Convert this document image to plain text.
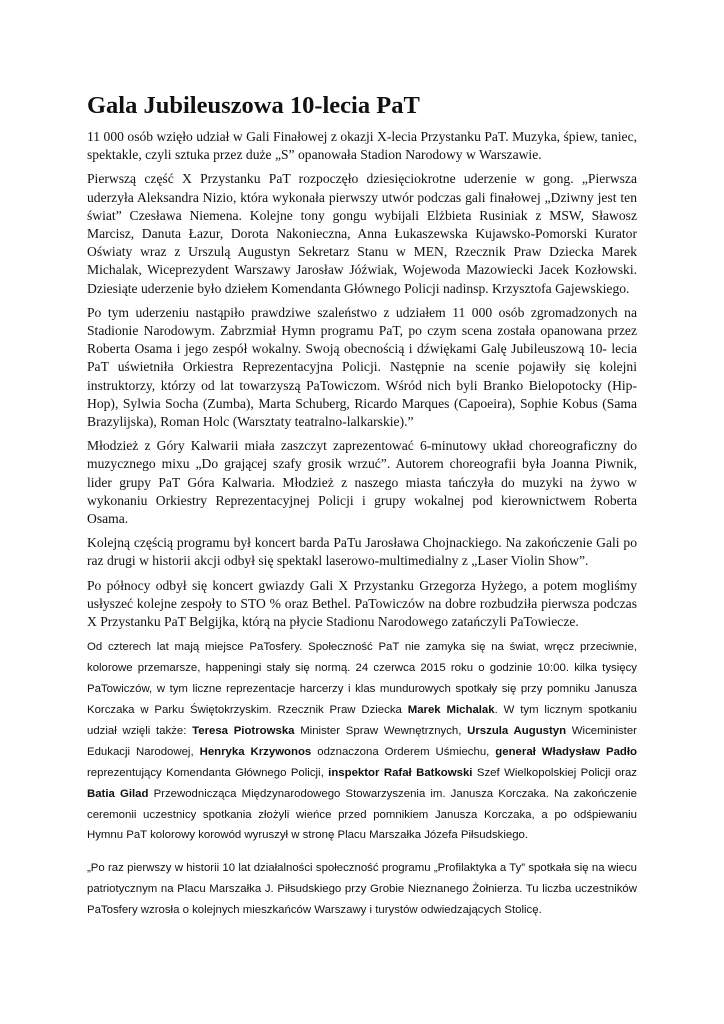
Gala Jubileuszowa 10-lecia PaT

11 000 osób wzięło udział w Gali Finałowej z okazji X-lecia Przystanku PaT. Muzyka, śpiew, taniec, spektakle, czyli sztuka przez duże „S” opanowała Stadion Narodowy w Warszawie.

Pierwszą część X Przystanku PaT rozpoczęło dziesięciokrotne uderzenie w gong. „Pierwsza uderzyła Aleksandra Nizio, która wykonała pierwszy utwór podczas gali finałowej „Dziwny jest ten świat” Czesława Niemena. Kolejne tony gongu wybijali Elżbieta Rusiniak z MSW, Sławosz Marcisz, Danuta Łazur, Dorota Nakonieczna, Anna Łukaszewska Kujawsko-Pomorski Kurator Oświaty wraz z Urszulą Augustyn Sekretarz Stanu w MEN, Rzecznik Praw Dziecka Marek Michalak, Wiceprezydent Warszawy Jarosław Jóźwiak, Wojewoda Mazowiecki Jacek Kozłowski. Dziesiąte uderzenie było dziełem Komendanta Głównego Policji nadinsp. Krzysztofa Gajewskiego.

Po tym uderzeniu nastąpiło prawdziwe szaleństwo z udziałem 11 000 osób zgromadzonych na Stadionie Narodowym. Zabrzmiał Hymn programu PaT, po czym scena została opanowana przez Roberta Osama i jego zespół wokalny. Swoją obecnością i dźwiękami Galę Jubileuszową 10- lecia PaT uświetniła Orkiestra Reprezentacyjna Policji. Następnie na scenie pojawiły się kolejni instruktorzy, którzy od lat towarzyszą PaTowiczom. Wśród nich byli Branko Bielopotocky (Hip-Hop), Sylwia Socha (Zumba), Marta Schuberg, Ricardo Marques (Capoeira), Sophie Kobus (Sama Brazylijska), Roman Holc (Warsztaty teatralno-lalkarskie).”

Młodzież z Góry Kalwarii miała zaszczyt zaprezentować 6-minutowy układ choreograficzny do muzycznego mixu „Do grającej szafy grosik wrzuć”. Autorem choreografii była Joanna Piwnik, lider grupy PaT Góra Kalwaria. Młodzież z naszego miasta tańczyła do muzyki na żywo w wykonaniu Orkiestry Reprezentacyjnej Policji i grupy wokalnej pod kierownictwem Roberta Osama.

Kolejną częścią programu był koncert barda PaTu Jarosława Chojnackiego. Na zakończenie Gali po raz drugi w historii akcji odbył się spektakl laserowo-multimedialny z „Laser Violin Show”.

Po północy odbył się koncert gwiazdy Gali X Przystanku Grzegorza Hyżego, a potem mogliśmy usłyszeć kolejne zespoły to STO % oraz Bethel. PaTowiczów na dobre rozbudziła pierwsza podczas X Przystanku PaT Belgijka, którą na płycie Stadionu Narodowego zatańczyli PaTowiecze.

Od czterech lat mają miejsce PaTosfery. Społeczność PaT nie zamyka się na świat, wręcz przeciwnie, kolorowe przemarsze, happeningi stały się normą. 24 czerwca 2015 roku o godzinie 10:00. kilka tysięcy PaTowiczów, w tym liczne reprezentacje harcerzy i klas mundurowych spotkały się przy pomniku Janusza Korczaka w Parku Świętokrzyskim. Rzecznik Praw Dziecka Marek Michalak. W tym licznym spotkaniu udział wzięli także: Teresa Piotrowska Minister Spraw Wewnętrznych, Urszula Augustyn Wiceminister Edukacji Narodowej, Henryka Krzywonos odznaczona Orderem Uśmiechu, generał Władysław Padło reprezentujący Komendanta Głównego Policji, inspektor Rafał Batkowski Szef Wielkopolskiej Policji oraz Batia Gilad Przewodnicząca Międzynarodowego Stowarzyszenia im. Janusza Korczaka. Na zakończenie ceremonii uczestnicy spotkania złożyli wieńce przed pomnikiem Janusza Korczaka, a po odśpiewaniu Hymnu PaT kolorowy korowód wyruszył w stronę Placu Marszałka Józefa Piłsudskiego.

„Po raz pierwszy w historii 10 lat działalności społeczność programu „Profilaktyka a Ty” spotkała się na wiecu patriotycznym na Placu Marszałka J. Piłsudskiego przy Grobie Nieznanego Żołnierza. Tu liczba uczestników PaTosfery wzrosła o kolejnych mieszkańców Warszawy i turystów odwiedzających Stolicę.
